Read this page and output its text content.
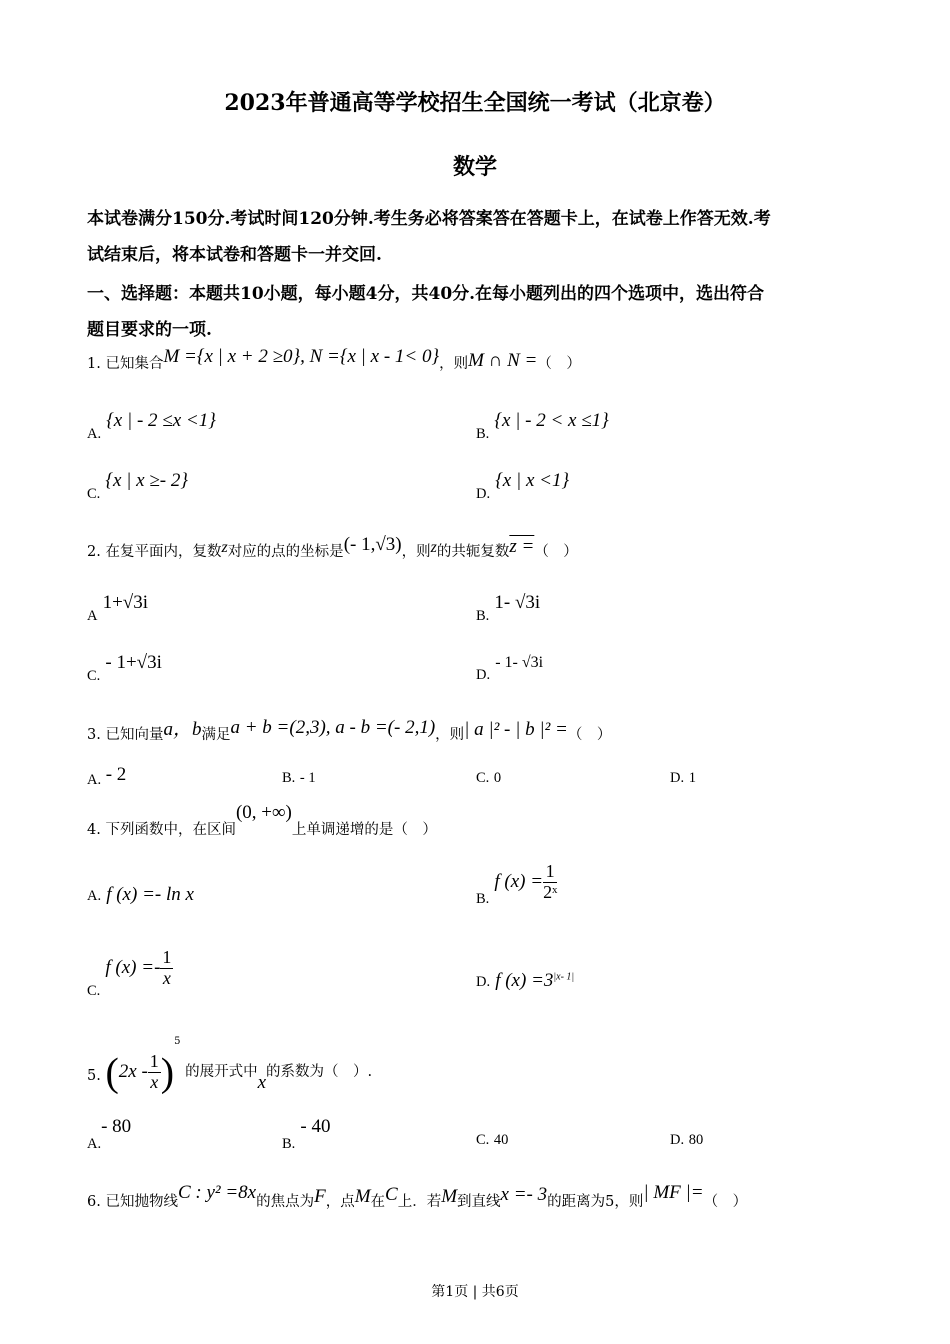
2023年普通高等学校招生全国统一考试（北京卷）
数学
本试卷满分150分.考试时间120分钟.考生务必将答案答在答题卡上，在试卷上作答无效.考
试结束后，将本试卷和答题卡一并交回.
一、选择题：本题共10小题，每小题4分，共40分.在每小题列出的四个选项中，选出符合
题目要求的一项.
1. 已知集合M ={x | x + 2 ≥0}, N ={x | x - 1< 0}，则M ∩ N =（　）
A. {x | - 2 ≤x <1}
B. {x | - 2 < x ≤1}
C. {x | x ≥- 2}
D. {x | x <1}
2. 在复平面内，复数z对应的点的坐标是(- 1,√3)，则z的共轭复数z =（　）
A 1+√3i
B. 1- √3i
C. - 1+√3i
D. - 1- √3i
3. 已知向量a，b满足a + b =(2,3), a - b =(- 2,1)，则| a |² - | b |² =（　）
A. - 2	B. - 1	C. 0	D. 1
4. 下列函数中，在区间(0, +∞)上单调递增的是（　）
A. f (x) =- ln x	B. f $(x) = \frac{1}{\text{2ˣ}}$
C. f $(x) =- \frac{1}{x}$	D. f $(x) =3^{|x- 1|}$
5. $(2x - \frac{1}{x} )^5$ 的展开式中x的系数为（　）.
A.- 80
B. - 40
C. 40	D. 80
6. 已知抛物线C : y² =8x的焦点为F，点M在C上．若M到直线x =- 3的距离为5，则| MF |=（　）
第1页 | 共6页
